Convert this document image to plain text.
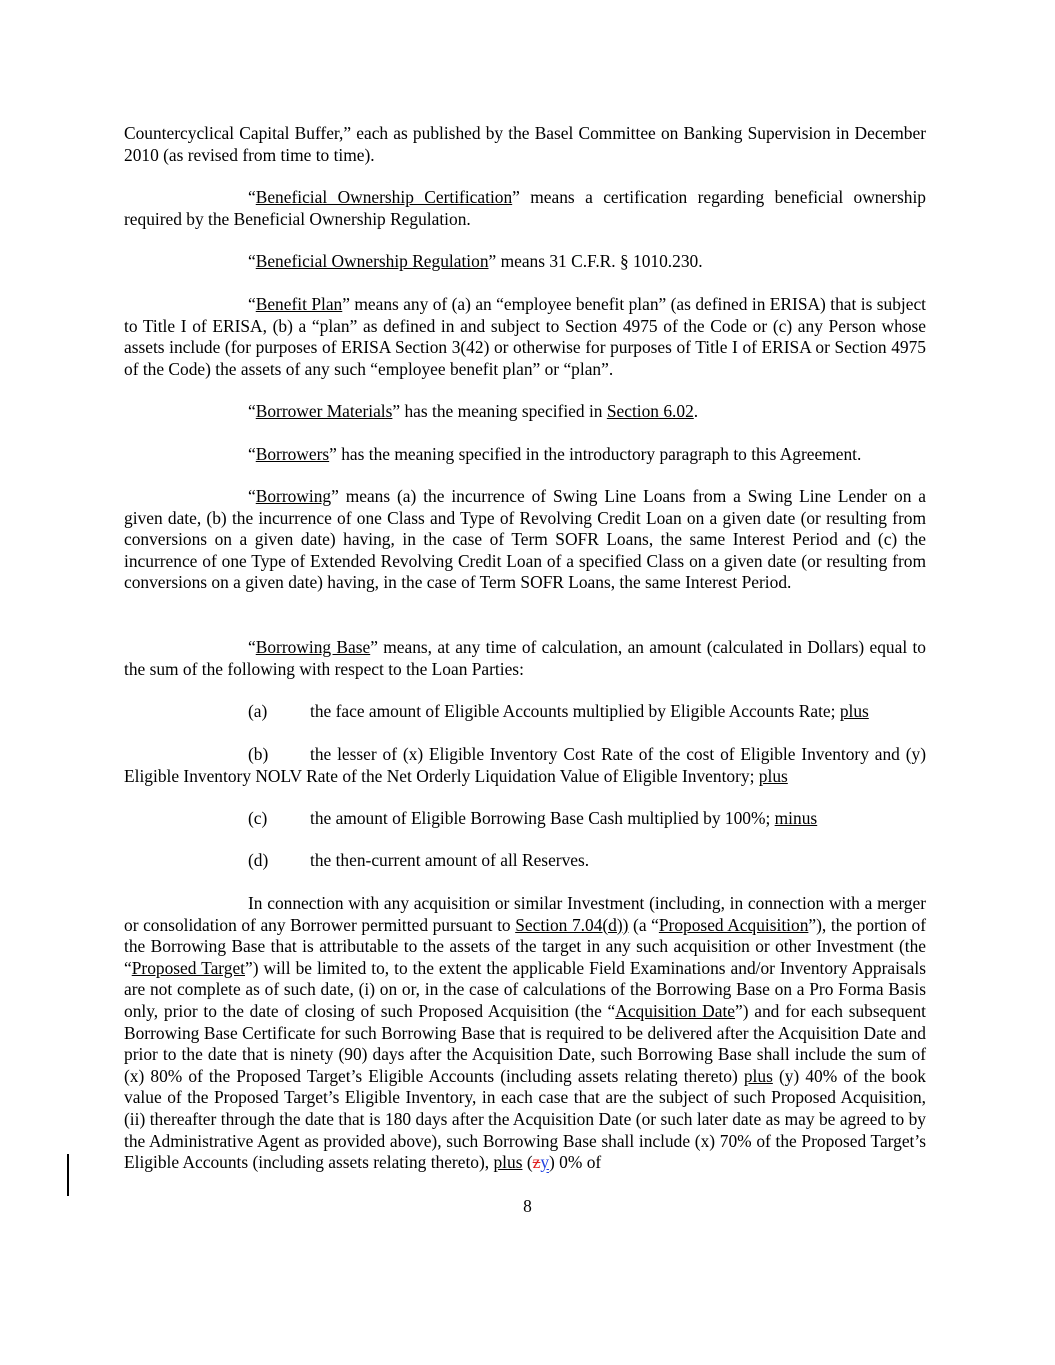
Countercyclical Capital Buffer,” each as published by the Basel Committee on Banking Supervision in December 2010 (as revised from time to time).

“Beneficial Ownership Certification” means a certification regarding beneficial ownership required by the Beneficial Ownership Regulation.

“Beneficial Ownership Regulation” means 31 C.F.R. § 1010.230.

“Benefit Plan” means any of (a) an “employee benefit plan” (as defined in ERISA) that is subject to Title I of ERISA, (b) a “plan” as defined in and subject to Section 4975 of the Code or (c) any Person whose assets include (for purposes of ERISA Section 3(42) or otherwise for purposes of Title I of ERISA or Section 4975 of the Code) the assets of any such “employee benefit plan” or “plan”.

“Borrower Materials” has the meaning specified in Section 6.02.

“Borrowers” has the meaning specified in the introductory paragraph to this Agreement.

“Borrowing” means (a) the incurrence of Swing Line Loans from a Swing Line Lender on a given date, (b) the incurrence of one Class and Type of Revolving Credit Loan on a given date (or resulting from conversions on a given date) having, in the case of Term SOFR Loans, the same Interest Period and (c) the incurrence of one Type of Extended Revolving Credit Loan of a specified Class on a given date (or resulting from conversions on a given date) having, in the case of Term SOFR Loans, the same Interest Period.

“Borrowing Base” means, at any time of calculation, an amount (calculated in Dollars) equal to the sum of the following with respect to the Loan Parties:

(a) the face amount of Eligible Accounts multiplied by Eligible Accounts Rate; plus

(b) the lesser of (x) Eligible Inventory Cost Rate of the cost of Eligible Inventory and (y) Eligible Inventory NOLV Rate of the Net Orderly Liquidation Value of Eligible Inventory; plus

(c) the amount of Eligible Borrowing Base Cash multiplied by 100%; minus

(d) the then-current amount of all Reserves.

In connection with any acquisition or similar Investment (including, in connection with a merger or consolidation of any Borrower permitted pursuant to Section 7.04(d)) (a “Proposed Acquisition”), the portion of the Borrowing Base that is attributable to the assets of the target in any such acquisition or other Investment (the “Proposed Target”) will be limited to, to the extent the applicable Field Examinations and/or Inventory Appraisals are not complete as of such date, (i) on or, in the case of calculations of the Borrowing Base on a Pro Forma Basis only, prior to the date of closing of such Proposed Acquisition (the “Acquisition Date”) and for each subsequent Borrowing Base Certificate for such Borrowing Base that is required to be delivered after the Acquisition Date and prior to the date that is ninety (90) days after the Acquisition Date, such Borrowing Base shall include the sum of (x) 80% of the Proposed Target’s Eligible Accounts (including assets relating thereto) plus (y) 40% of the book value of the Proposed Target’s Eligible Inventory, in each case that are the subject of such Proposed Acquisition, (ii) thereafter through the date that is 180 days after the Acquisition Date (or such later date as may be agreed to by the Administrative Agent as provided above), such Borrowing Base shall include (x) 70% of the Proposed Target’s Eligible Accounts (including assets relating thereto), plus (zy) 0% of

8
